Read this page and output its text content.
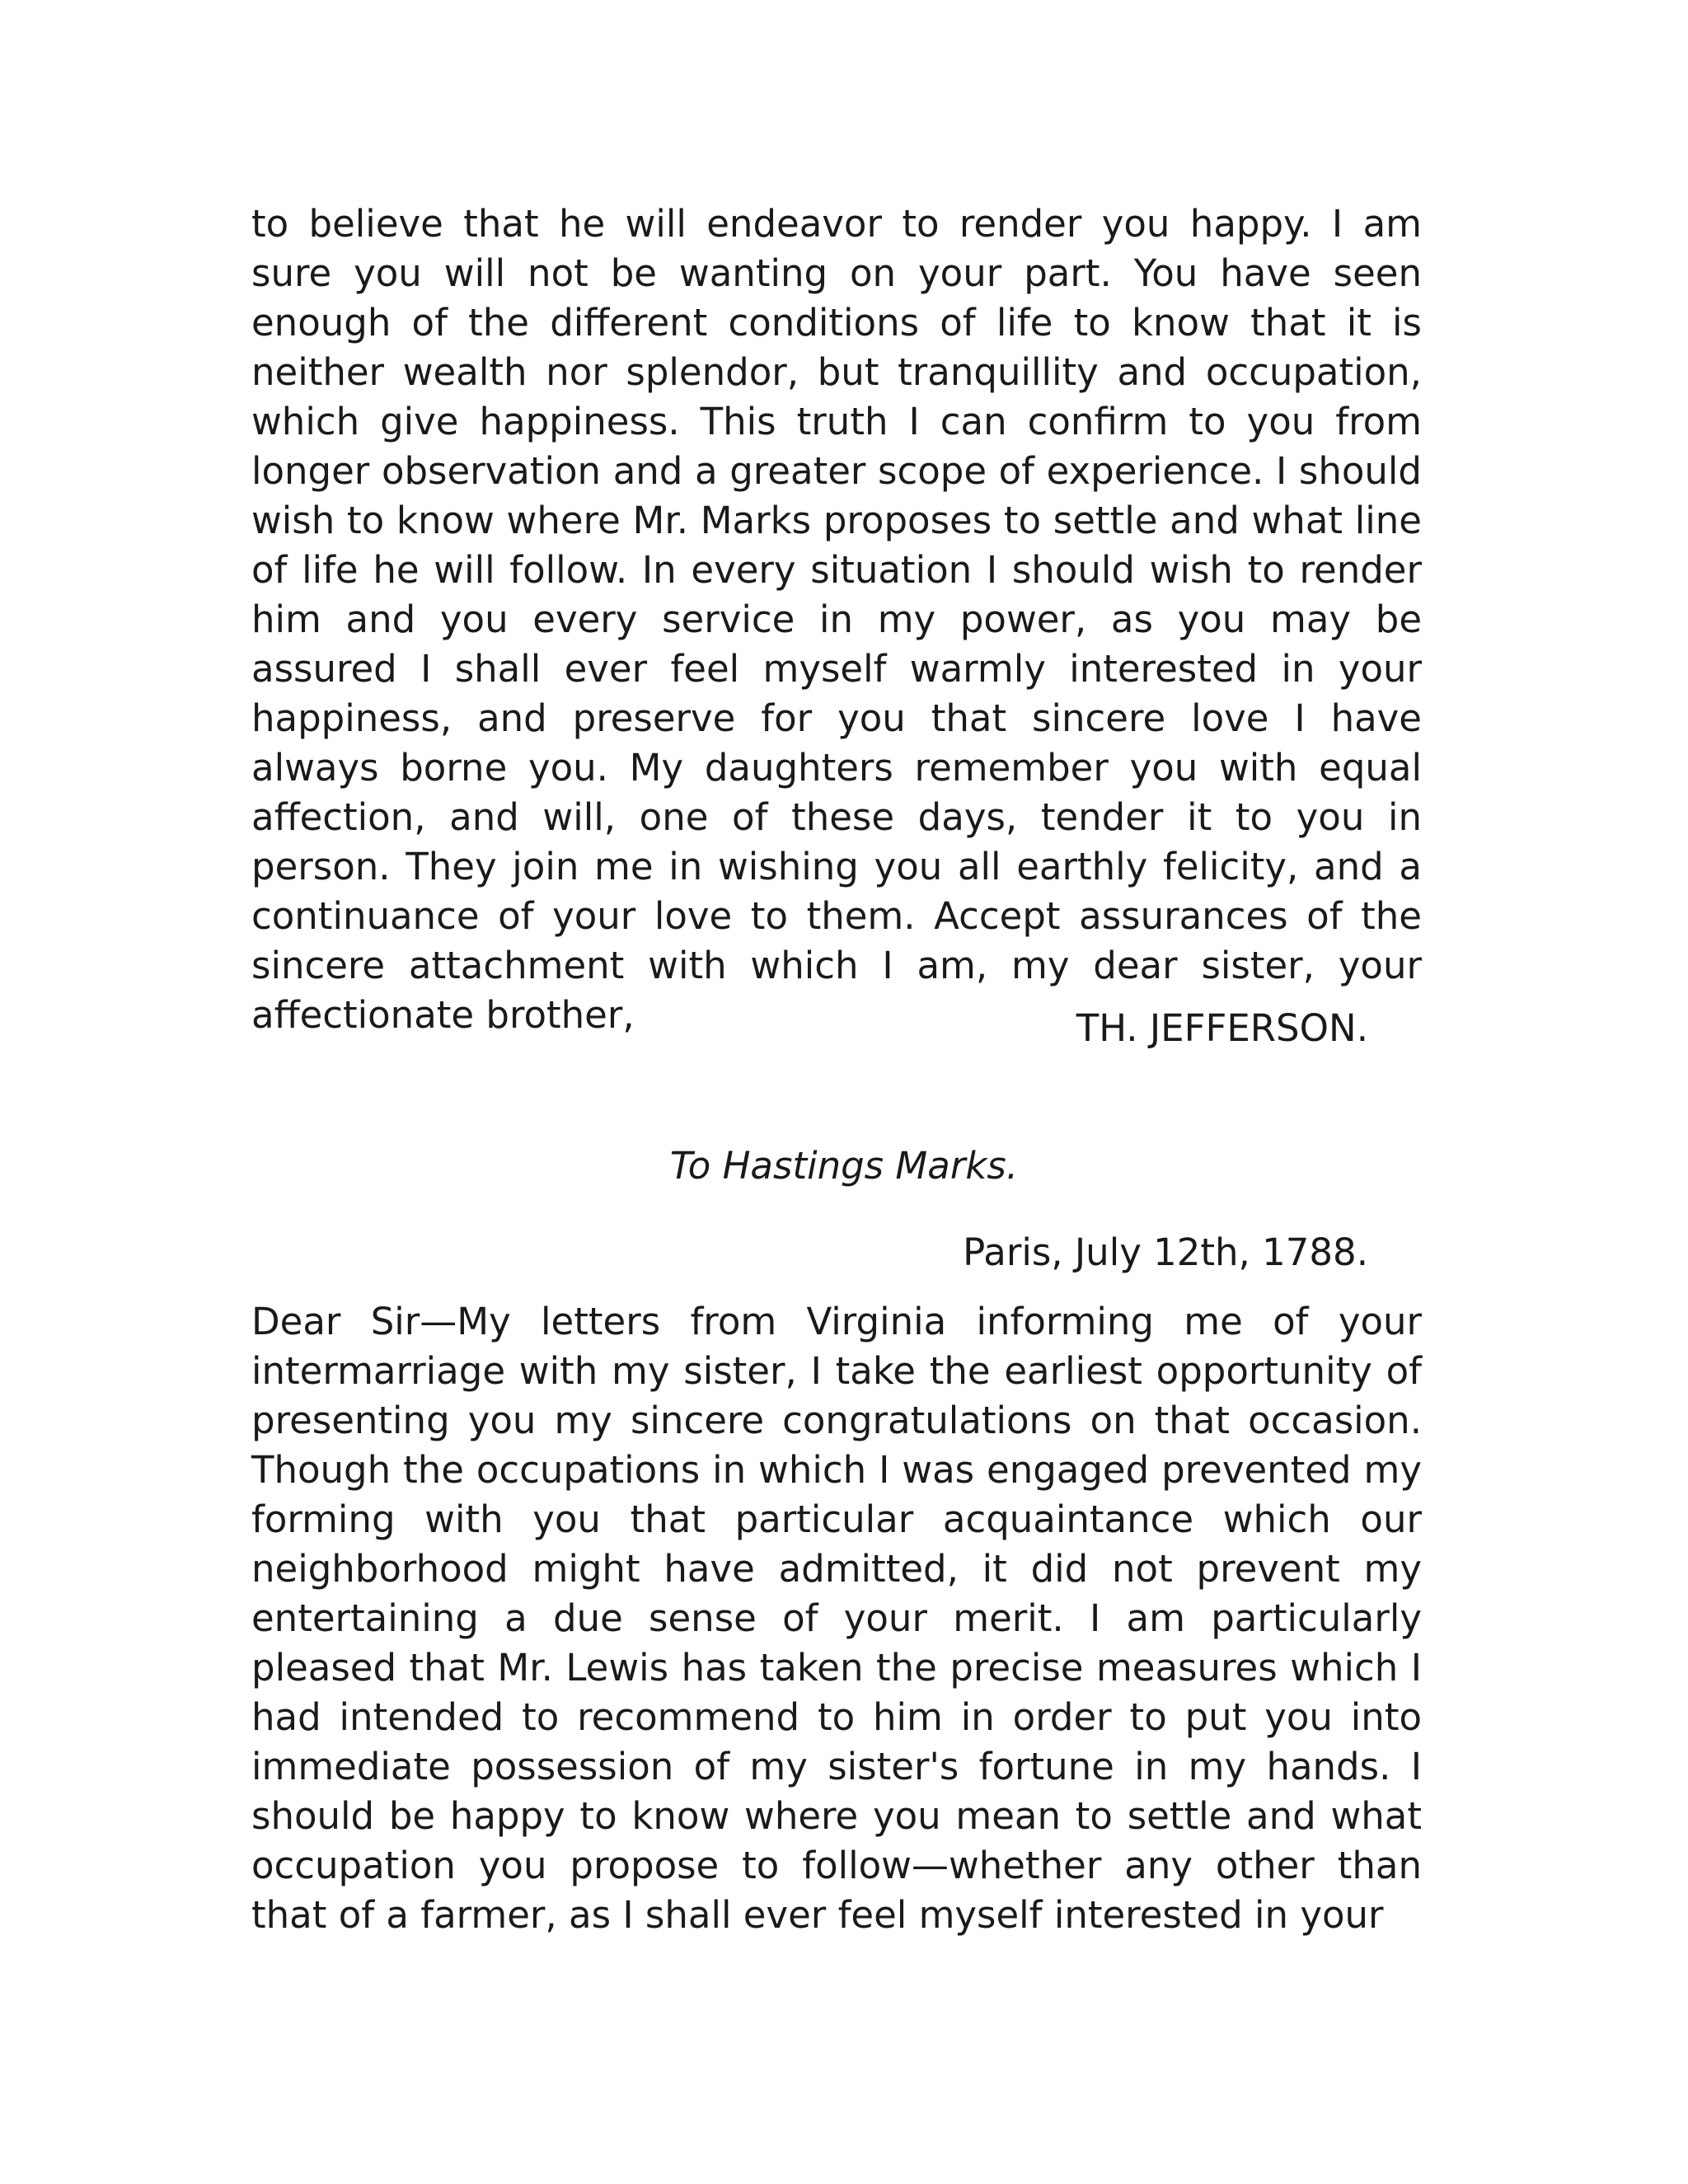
to believe that he will endeavor to render you happy. I am sure you will not be wanting on your part. You have seen enough of the different conditions of life to know that it is neither wealth nor splendor, but tranquillity and occupation, which give happiness. This truth I can confirm to you from longer observation and a greater scope of experience. I should wish to know where Mr. Marks proposes to settle and what line of life he will follow. In every situation I should wish to render him and you every service in my power, as you may be assured I shall ever feel myself warmly interested in your happiness, and preserve for you that sincere love I have always borne you. My daughters remember you with equal affection, and will, one of these days, tender it to you in person. They join me in wishing you all earthly felicity, and a continuance of your love to them. Accept assurances of the sincere attachment with which I am, my dear sister, your affectionate brother,	TH. JEFFERSON.

To Hastings Marks.

Paris, July 12th, 1788.

Dear Sir—My letters from Virginia informing me of your intermarriage with my sister, I take the earliest opportunity of presenting you my sincere congratulations on that occasion. Though the occupations in which I was engaged prevented my forming with you that particular acquaintance which our neighborhood might have admitted, it did not prevent my entertaining a due sense of your merit. I am particularly pleased that Mr. Lewis has taken the precise measures which I had intended to recommend to him in order to put you into immediate possession of my sister's fortune in my hands. I should be happy to know where you mean to settle and what occupation you propose to follow—whether any other than that of a farmer, as I shall ever feel myself interested in your
